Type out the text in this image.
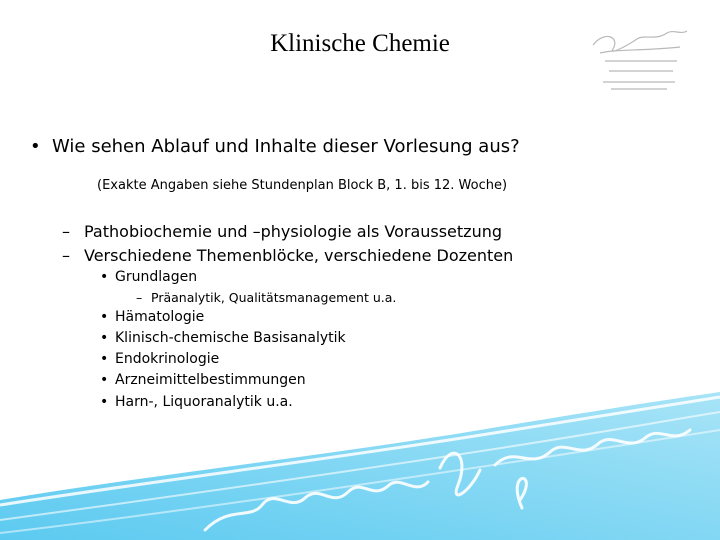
Klinische Chemie
• Wie sehen Ablauf und Inhalte dieser Vorlesung aus?
(Exakte Angaben siehe Stundenplan Block B, 1. bis 12. Woche)
– Pathobiochemie und –physiologie als Voraussetzung
– Verschiedene Themenblöcke, verschiedene Dozenten
• Grundlagen
– Präanalytik, Qualitätsmanagement u.a.
• Hämatologie
• Klinisch-chemische Basisanalytik
• Endokrinologie
• Arzneimittelbestimmungen
• Harn-, Liquoranalytik u.a.
